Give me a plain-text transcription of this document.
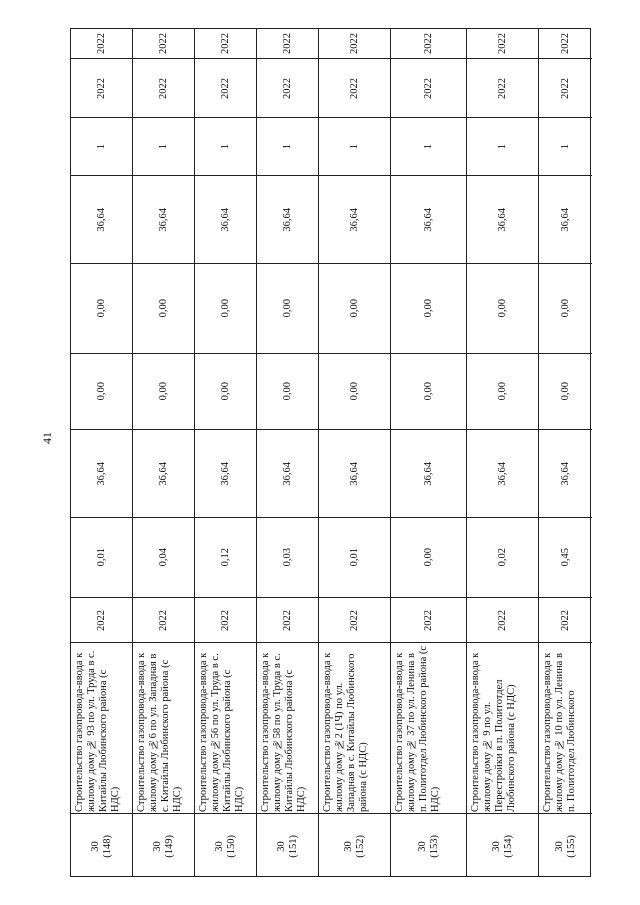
41
2022
2022
1
36,64
0,00
0,00
36,64
0,01
2022
Строительство газопровода-ввода к жилому дому № 93 по ул. Труда в с. Китайлы Любинского района (с НДС)
30
(148)
2022
2022
1
36,64
0,00
0,00
36,64
0,04
2022
Строительство газопровода-ввода к жилому дому №6 по ул. Западная в с. Китайлы Любинского района (с НДС)
30
(149)
2022
2022
1
36,64
0,00
0,00
36,64
0,12
2022
Строительство газопровода-ввода к жилому дому №56 по ул. Труда в с. Китайлы Любинского района (с НДС)
30
(150)
2022
2022
1
36,64
0,00
0,00
36,64
0,03
2022
Строительство газопровода-ввода к жилому дому №58 по ул. Труда в с. Китайлы Любинского района (с НДС)
30
(151)
2022
2022
1
36,64
0,00
0,00
36,64
0,01
2022
Строительство газопровода-ввода к жилому дому №2 (1Ч) по ул. Западная в с. Китайлы Любинского района (с НДС)
30
(152)
2022
2022
1
36,64
0,00
0,00
36,64
0,00
2022
Строительство газопровода-ввода к жилому дому № 37 по ул. Ленина в п. Политотдел Любинского района (с НДС)
30
(153)
2022
2022
1
36,64
0,00
0,00
36,64
0,02
2022
Строительство газопровода-ввода к жилому дому № 9 по ул. Перестройки в п. Политотдел Любинского района (с НДС)
30
(154)
2022
2022
1
36,64
0,00
0,00
36,64
0,45
2022
Строительство газопровода-ввода к жилому дому № 10 по ул. Ленина в п. Политотдел Любинского
30
(155)
